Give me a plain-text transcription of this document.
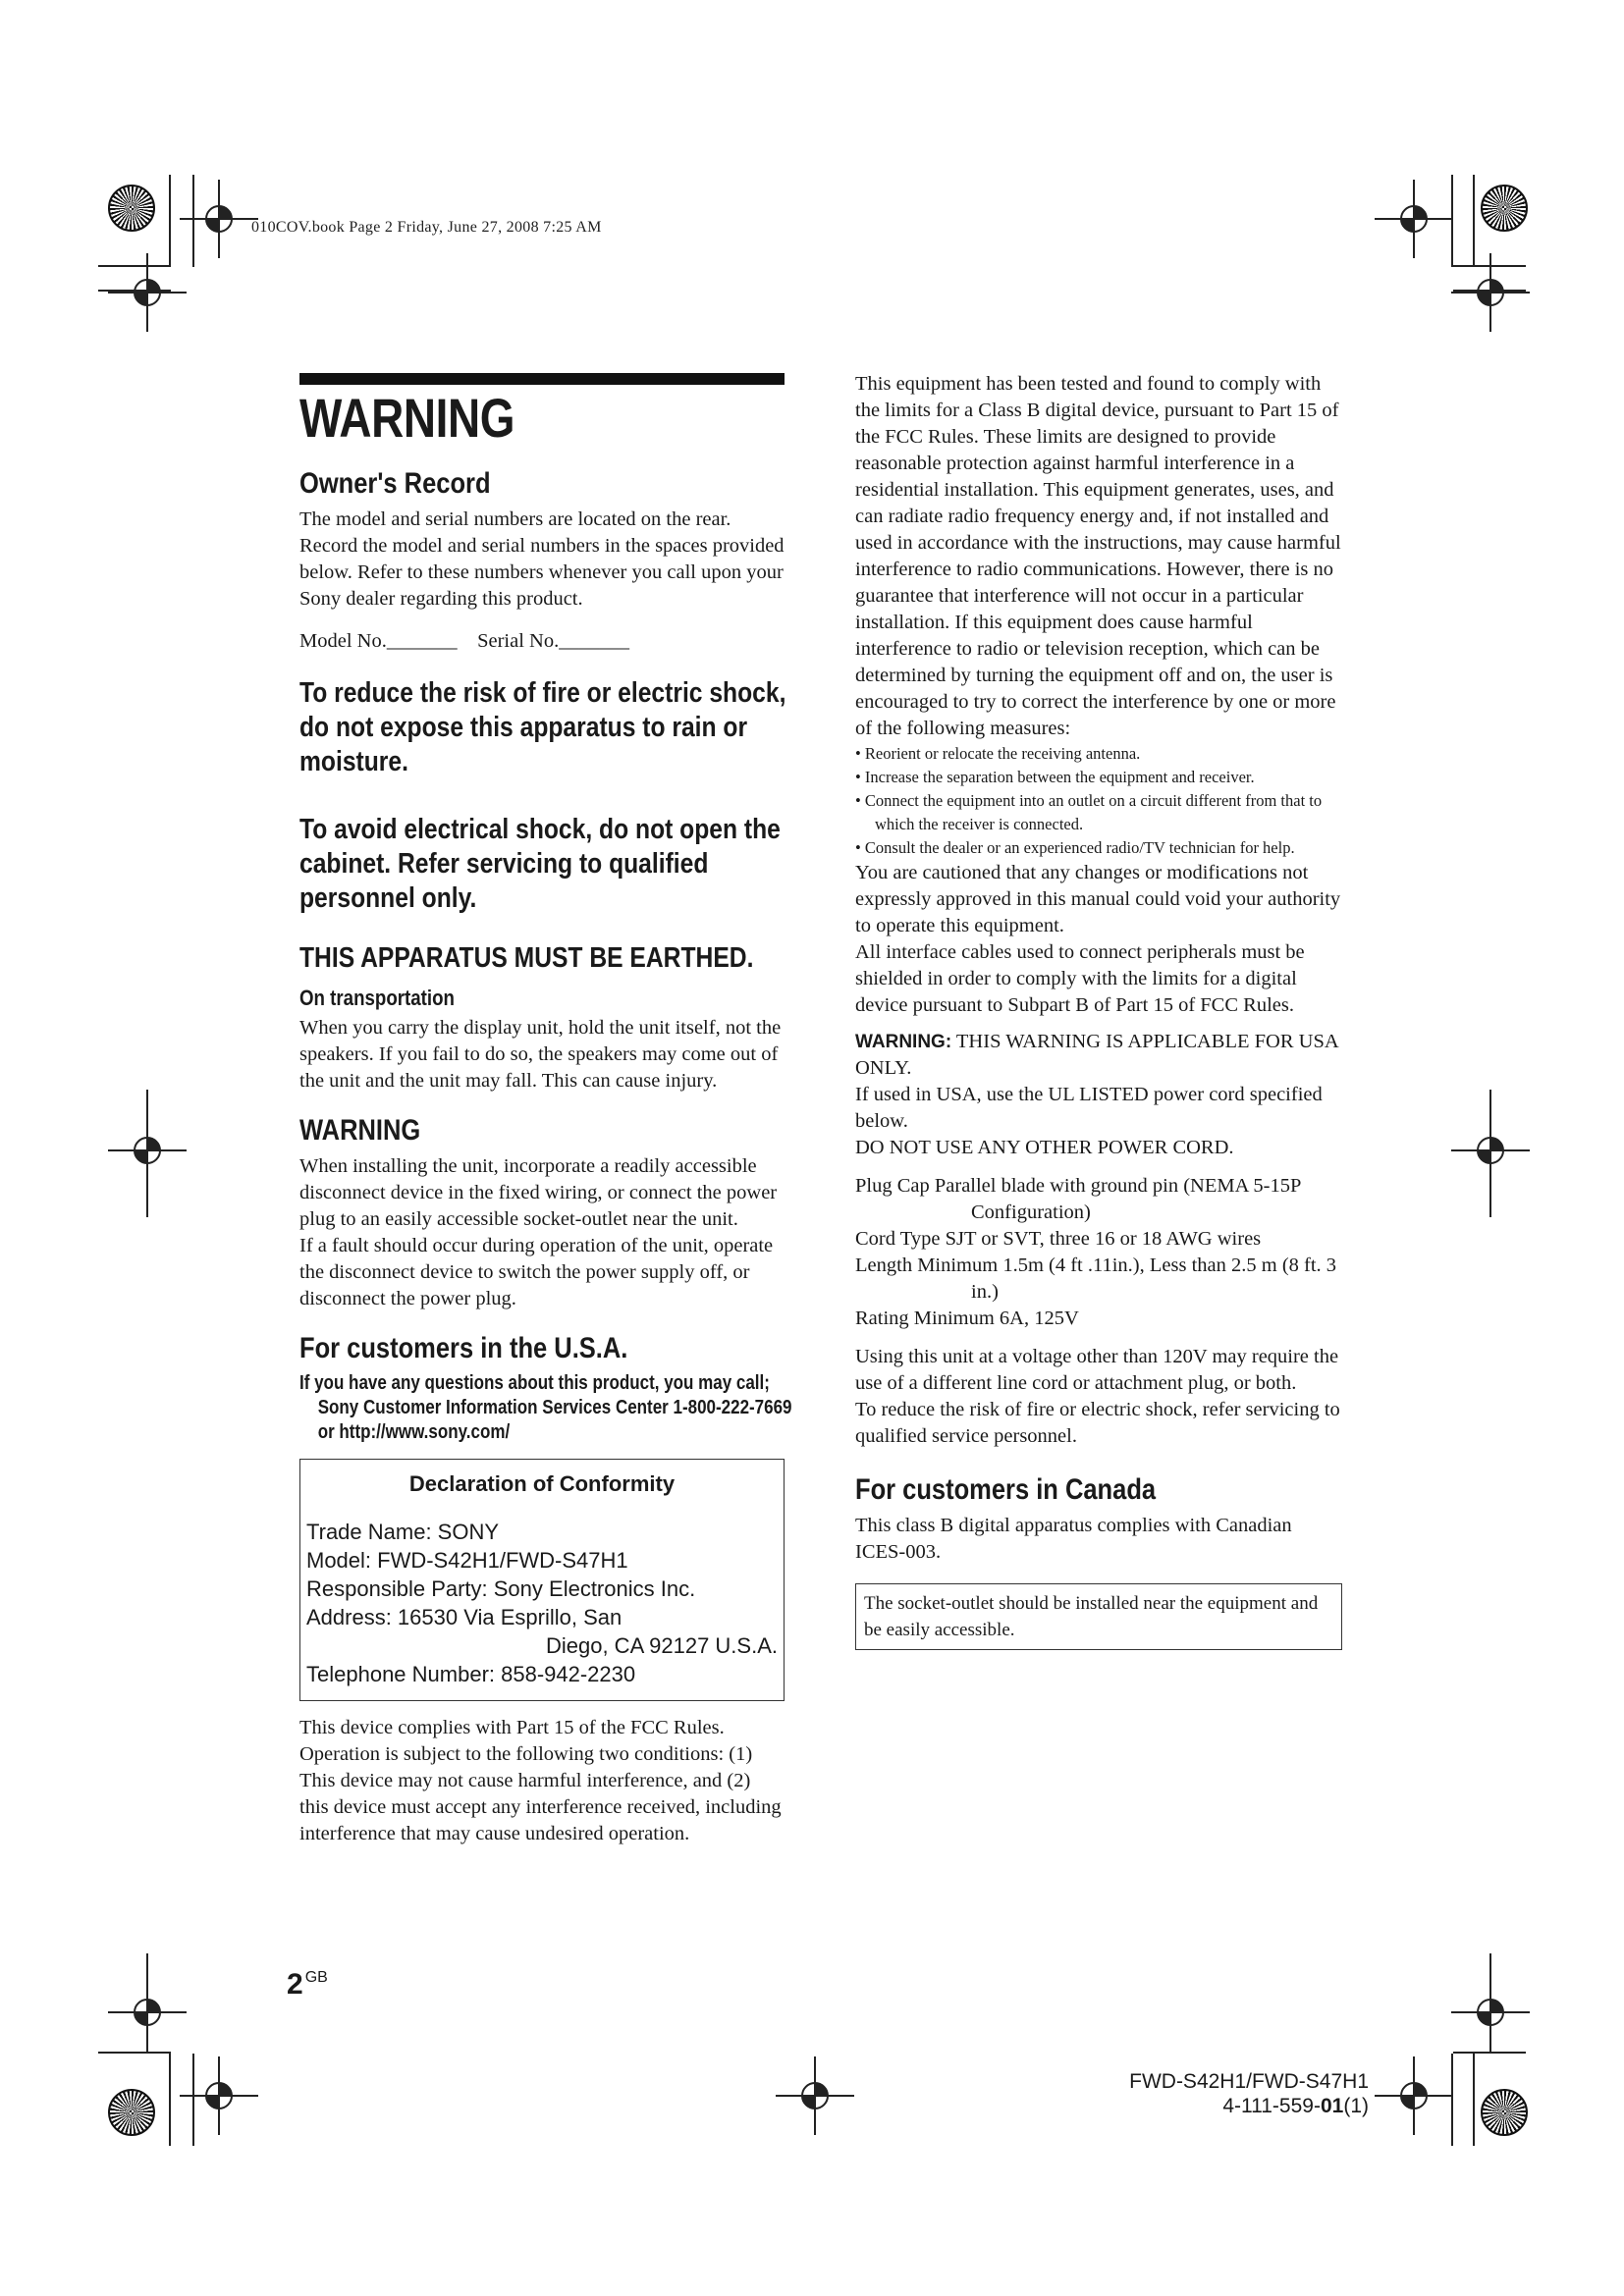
010COV.book Page 2 Friday, June 27, 2008 7:25 AM
WARNING
Owner's Record

The model and serial numbers are located on the rear. Record the model and serial numbers in the spaces provided below. Refer to these numbers whenever you call upon your Sony dealer regarding this product.

Model No._______    Serial No._______

To reduce the risk of fire or electric shock, do not expose this apparatus to rain or moisture.

To avoid electrical shock, do not open the cabinet. Refer servicing to qualified personnel only.

THIS APPARATUS MUST BE EARTHED.

On transportation

When you carry the display unit, hold the unit itself, not the speakers. If you fail to do so, the speakers may come out of the unit and the unit may fall. This can cause injury.

WARNING

When installing the unit, incorporate a readily accessible disconnect device in the fixed wiring, or connect the power plug to an easily accessible socket-outlet near the unit.

If a fault should occur during operation of the unit, operate the disconnect device to switch the power supply off, or disconnect the power plug.

For customers in the U.S.A.

If you have any questions about this product, you may call; Sony Customer Information Services Center 1-800-222-7669 or http://www.sony.com/

Declaration of Conformity
Trade Name: SONY
Model: FWD-S42H1/FWD-S47H1
Responsible Party: Sony Electronics Inc.
Address: 16530 Via Esprillo, San
Diego, CA 92127 U.S.A.
Telephone Number: 858-942-2230

This device complies with Part 15 of the FCC Rules. Operation is subject to the following two conditions: (1) This device may not cause harmful interference, and (2) this device must accept any interference received, including interference that may cause undesired operation.

This equipment has been tested and found to comply with the limits for a Class B digital device, pursuant to Part 15 of the FCC Rules. These limits are designed to provide reasonable protection against harmful interference in a residential installation. This equipment generates, uses, and can radiate radio frequency energy and, if not installed and used in accordance with the instructions, may cause harmful interference to radio communications. However, there is no guarantee that interference will not occur in a particular installation. If this equipment does cause harmful interference to radio or television reception, which can be determined by turning the equipment off and on, the user is encouraged to try to correct the interference by one or more of the following measures:

• Reorient or relocate the receiving antenna.

• Increase the separation between the equipment and receiver.

• Connect the equipment into an outlet on a circuit different from that to which the receiver is connected.

• Consult the dealer or an experienced radio/TV technician for help.

You are cautioned that any changes or modifications not expressly approved in this manual could void your authority to operate this equipment.

All interface cables used to connect peripherals must be shielded in order to comply with the limits for a digital device pursuant to Subpart B of Part 15 of FCC Rules.

WARNING: THIS WARNING IS APPLICABLE FOR USA ONLY.

If used in USA, use the UL LISTED power cord specified below.

DO NOT USE ANY OTHER POWER CORD.

Plug Cap Parallel blade with ground pin (NEMA 5-15P Configuration)

Cord Type SJT or SVT, three 16 or 18 AWG wires

Length Minimum 1.5m (4 ft .11in.), Less than 2.5 m (8 ft. 3 in.)

Rating Minimum 6A, 125V

Using this unit at a voltage other than 120V may require the use of a different line cord or attachment plug, or both.

To reduce the risk of fire or electric shock, refer servicing to qualified service personnel.

For customers in Canada

This class B digital apparatus complies with Canadian ICES-003.

The socket-outlet should be installed near the equipment and be easily accessible.
2 $^{GB}$
FWD-S42H1/FWD-S47H1
4-111-559-01(1)
